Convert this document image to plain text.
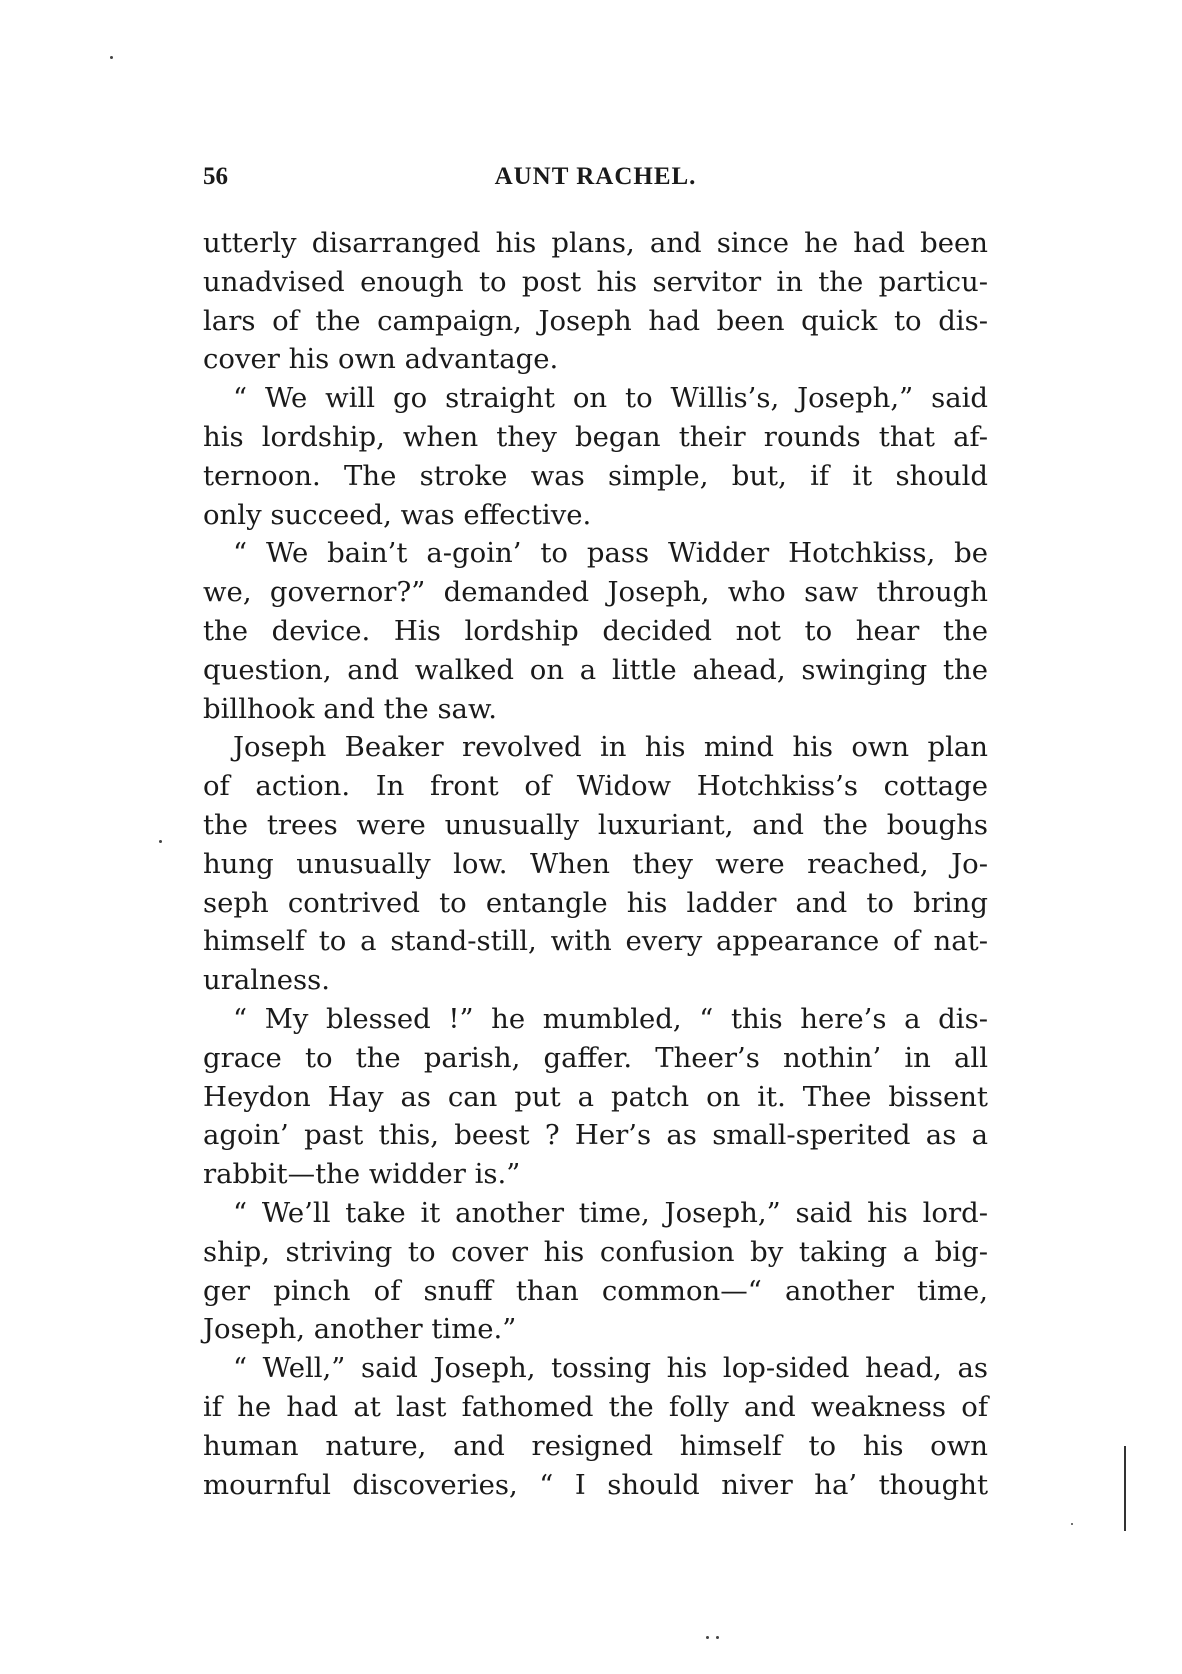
56	AUNT RACHEL.
utterly disarranged his plans, and since he had been
unadvised enough to post his servitor in the particu-
lars of the campaign, Joseph had been quick to dis-
cover his own advantage.
“ We will go straight on to Willis’s, Joseph,” said
his lordship, when they began their rounds that af-
ternoon. The stroke was simple, but, if it should
only succeed, was effective.
“ We bain’t a-goin’ to pass Widder Hotchkiss, be
we, governor?” demanded Joseph, who saw through
the device. His lordship decided not to hear the
question, and walked on a little ahead, swinging the
billhook and the saw.
Joseph Beaker revolved in his mind his own plan
of action. In front of Widow Hotchkiss’s cottage
the trees were unusually luxuriant, and the boughs
hung unusually low. When they were reached, Jo-
seph contrived to entangle his ladder and to bring
himself to a stand-still, with every appearance of nat-
uralness.
“ My blessed !” he mumbled, “ this here’s a dis-
grace to the parish, gaffer. Theer’s nothin’ in all
Heydon Hay as can put a patch on it. Thee bissent
agoin’ past this, beest ? Her’s as small-sperited as a
rabbit—the widder is.”
“ We’ll take it another time, Joseph,” said his lord-
ship, striving to cover his confusion by taking a big-
ger pinch of snuff than common—“ another time,
Joseph, another time.”
“ Well,” said Joseph, tossing his lop-sided head, as
if he had at last fathomed the folly and weakness of
human nature, and resigned himself to his own
mournful discoveries, “ I should niver ha’ thought
